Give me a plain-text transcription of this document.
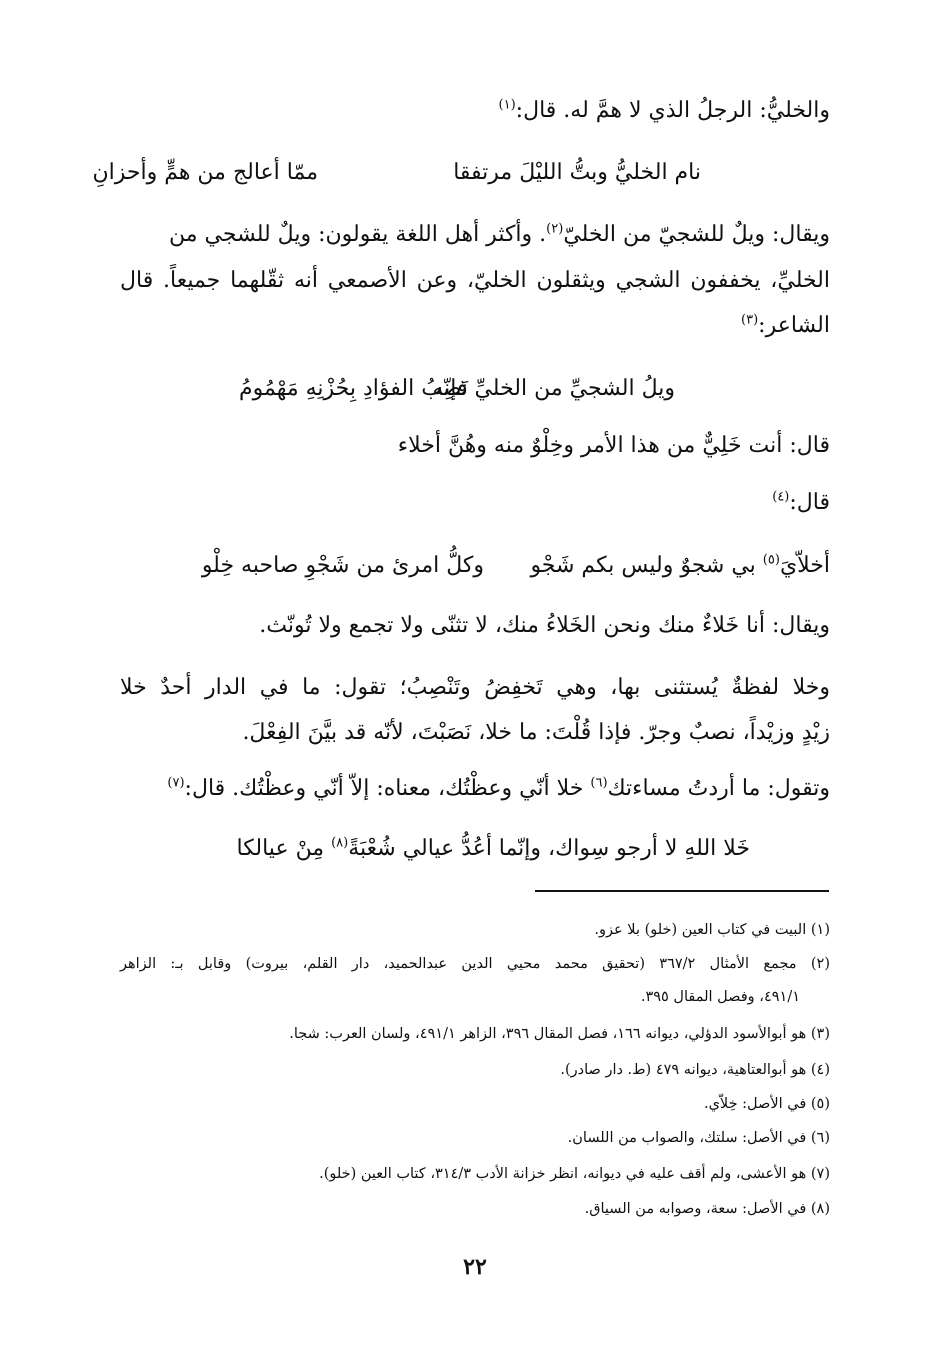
والخليُّ: الرجلُ الذي لا همَّ له. قال:$^{(١)}$
نام الخليُّ وبتُّ الليْلَ مرتفقا
ممّا أعالج من همٍّ وأحزانِ
ويقال: ويلٌ للشجيّ من الخليّ$^{(٢)}$. وأكثر أهل اللغة يقولون: ويلٌ للشجي من
الخليِّ، يخففون الشجي ويثقلون الخليّ، وعن الأصمعي أنه ثقّلهما جميعاً. قال
الشاعر:$^{(٣)}$
ويلُ الشجيِّ من الخليِّ فإنّه
نَصِبُ الفؤادِ بِحُزْنِهِ مَهْمُومُ
قال: أنت خَلِيٌّ من هذا الأمر وخِلْوٌ منه وهُنَّ أخلاء
قال:$^{(٤)}$
أخلاّيَ$^{(٥)}$ بي شجوٌ وليس بكم شَجْو
وكلُّ امرئ من شَجْوِ صاحبه خِلْو
ويقال: أنا خَلاءٌ منك ونحن الخَلاءُ منك، لا تثنّى ولا تجمع ولا تُونّث.
وخلا لفظةٌ يُستثنى بها، وهي تَخفِضُ وتَنْصِبُ؛ تقول: ما في الدار أحدٌ خلا
زيْدٍ وزيْداً، نصبٌ وجرّ. فإذا قُلْتَ: ما خلا، نَصَبْتَ، لأنّه قد بيَّنَ الفِعْلَ.
وتقول: ما أردتُ مساءتك$^{(٦)}$ خلا أنّي وعظْتُك، معناه: إلاّ أنّي وعظْتُك. قال:$^{(٧)}$
خَلا اللهِ لا أرجو سِواك، وإنّما
أعُدُّ عيالي شُعْبَةً$^{(٨)}$ مِنْ عيالكا
(١) البيت في كتاب العين (خلو) بلا عزو.
(٢) مجمع الأمثال ٣٦٧/٢ (تحقيق محمد محيي الدين عبدالحميد، دار القلم، بيروت) وقابل بـ: الزاهر
٤٩١/١، وفصل المقال ٣٩٥.
(٣) هو أبوالأسود الدؤلي، ديوانه ١٦٦، فصل المقال ٣٩٦، الزاهر ٤٩١/١، ولسان العرب: شجا.
(٤) هو أبوالعتاهية، ديوانه ٤٧٩ (ط. دار صادر).
(٥) في الأصل: خِلاّي.
(٦) في الأصل: سلتك، والصواب من اللسان.
(٧) هو الأعشى، ولم أقف عليه في ديوانه، انظر خزانة الأدب ٣١٤/٣، كتاب العين (خلو).
(٨) في الأصل: سعة، وصوابه من السياق.
٢٢
